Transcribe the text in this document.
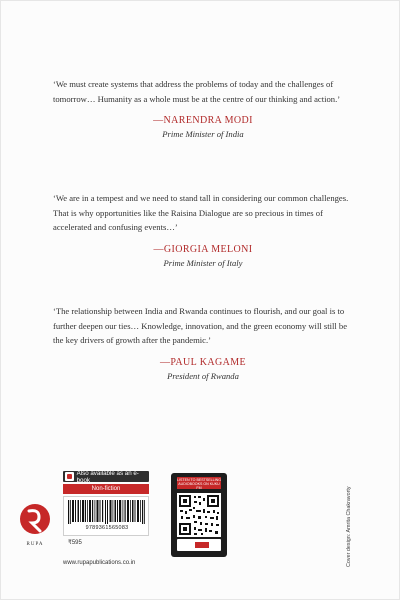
‘We must create systems that address the problems of today and the challenges of tomorrow… Humanity as a whole must be at the centre of our thinking and action.’

—NARENDRA MODI
Prime Minister of India

‘We are in a tempest and we need to stand tall in considering our common challenges. That is why opportunities like the Raisina Dialogue are so precious in times of accelerated and confusing events…’

—GIORGIA MELONI
Prime Minister of Italy

‘The relationship between India and Rwanda continues to flourish, and our goal is to further deepen our ties… Knowledge, innovation, and the green economy will still be the key drivers of growth after the pandemic.’

—PAUL KAGAME
President of Rwanda
RUPA
Also available as an e-book
Non-fiction
9789361565083
₹595
www.rupapublications.co.in
LISTEN TO BESTSELLING AUDIOBOOKS ON KUKU FM	Cover design: Amrita Chakravorty
